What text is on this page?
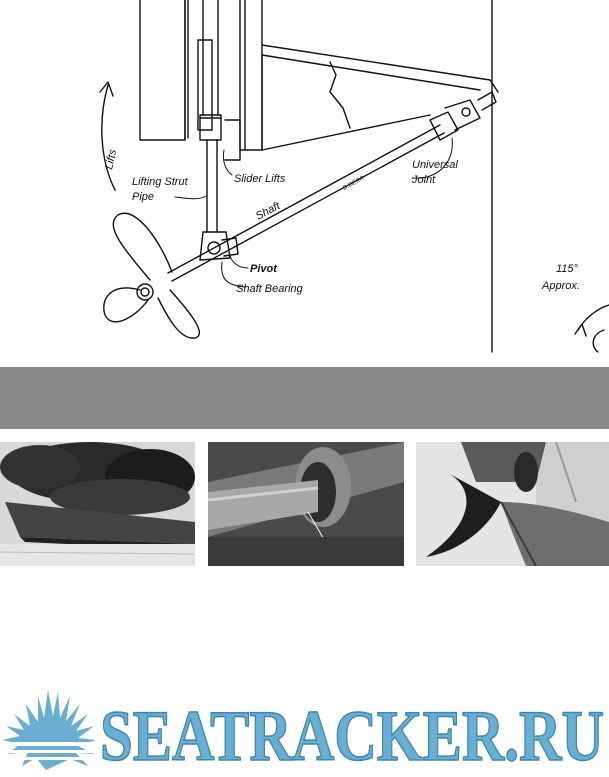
Lifts
Lifting Strut
Pipe
Slider Lifts
Universal
Joint
Shaft
D.GERR
Pivot
Shaft Bearing
115°
Approx.
SEATRACKER.RU
